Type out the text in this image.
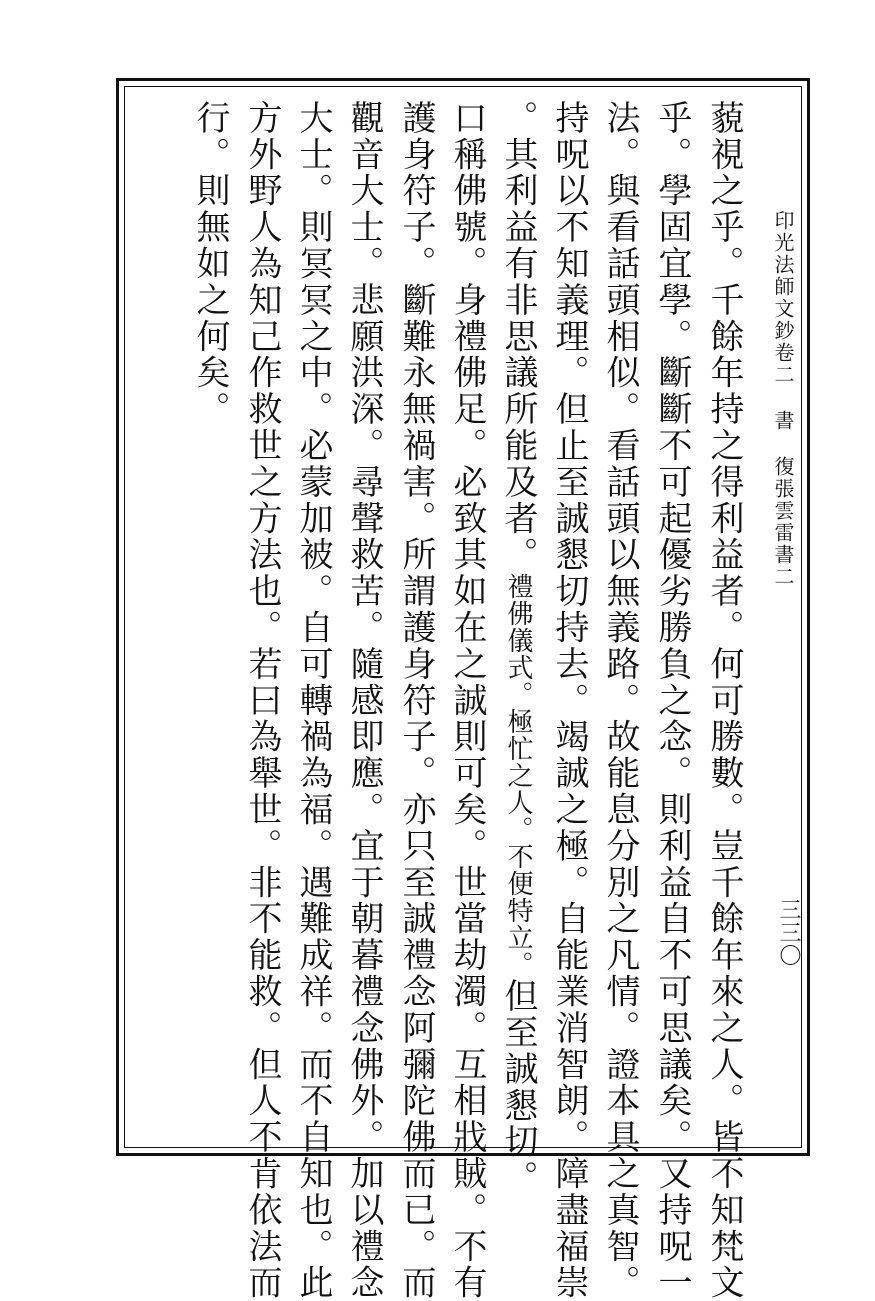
印光法師文鈔卷二書復張雲雷書二
三三〇
藐視之乎。千餘年持之得利益者。何可勝數。豈千餘年來之人。皆不知梵文
乎。學固宜學。斷斷不可起優劣勝負之念。則利益自不可思議矣。又持呪一
法。與看話頭相似。看話頭以無義路。故能息分別之凡情。證本具之真智。
持呪以不知義理。但止至誠懇切持去。竭誠之極。自能業消智朗。障盡福崇
。其利益有非思議所能及者。禮佛儀式。極忙之人。不便特立。但至誠懇切。
口稱佛號。身禮佛足。必致其如在之誠則可矣。世當劫濁。互相戕賊。不有
護身符子。斷難永無禍害。所謂護身符子。亦只至誠禮念阿彌陀佛而已。而
觀音大士。悲願洪深。尋聲救苦。隨感即應。宜于朝暮禮念佛外。加以禮念
大士。則冥冥之中。必蒙加被。自可轉禍為福。遇難成祥。而不自知也。此
方外野人為知己作救世之方法也。若曰為舉世。非不能救。但人不肯依法而
行。則無如之何矣。
